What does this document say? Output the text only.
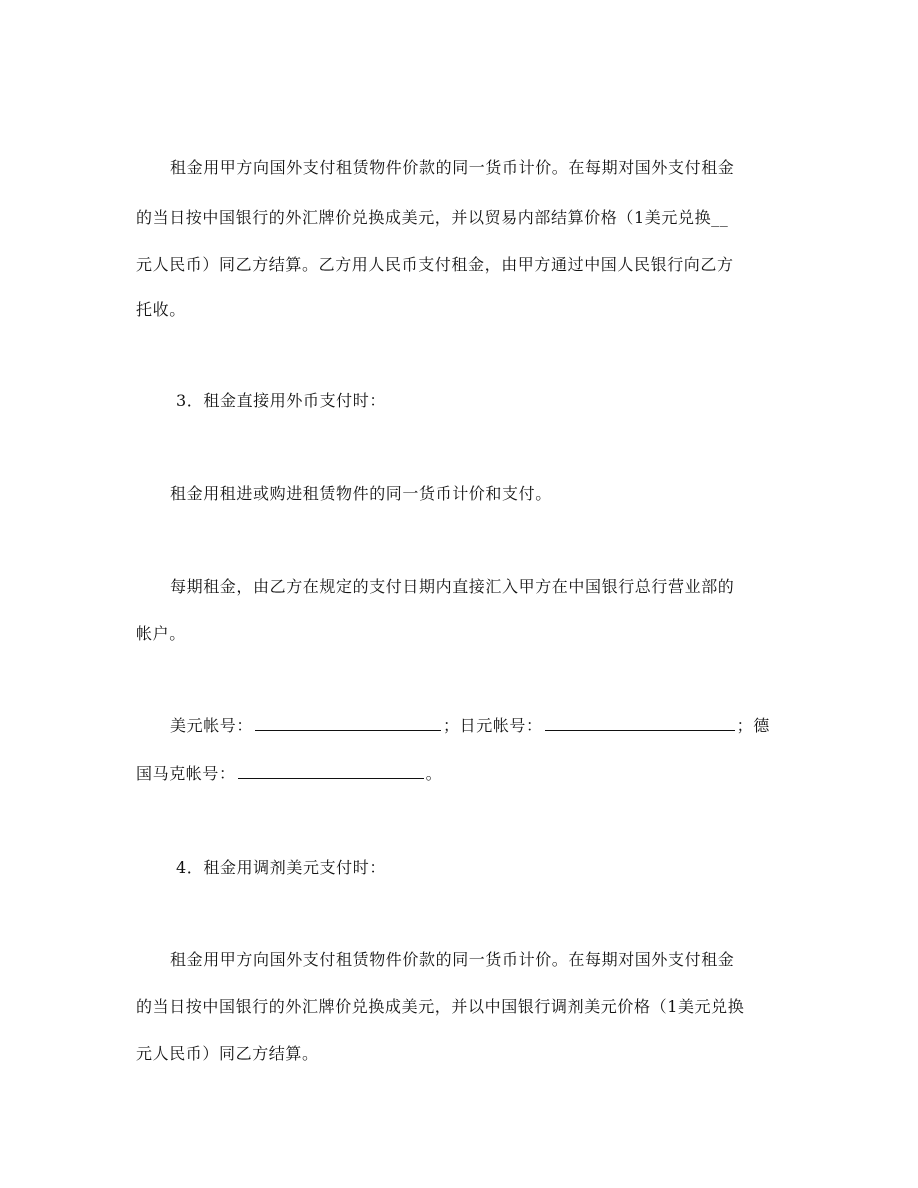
租金用甲方向国外支付租赁物件价款的同一货币计价。在每期对国外支付租金
的当日按中国银行的外汇牌价兑换成美元，并以贸易内部结算价格（1美元兑换__
元人民币）同乙方结算。乙方用人民币支付租金，由甲方通过中国人民银行向乙方
托收。
3．租金直接用外币支付时：
租金用租进或购进租赁物件的同一货币计价和支付。
每期租金，由乙方在规定的支付日期内直接汇入甲方在中国银行总行营业部的
帐户。
美元帐号：	；日元帐号：	；德
国马克帐号：	。
4．租金用调剂美元支付时：
租金用甲方向国外支付租赁物件价款的同一货币计价。在每期对国外支付租金
的当日按中国银行的外汇牌价兑换成美元，并以中国银行调剂美元价格（1美元兑换
元人民币）同乙方结算。
